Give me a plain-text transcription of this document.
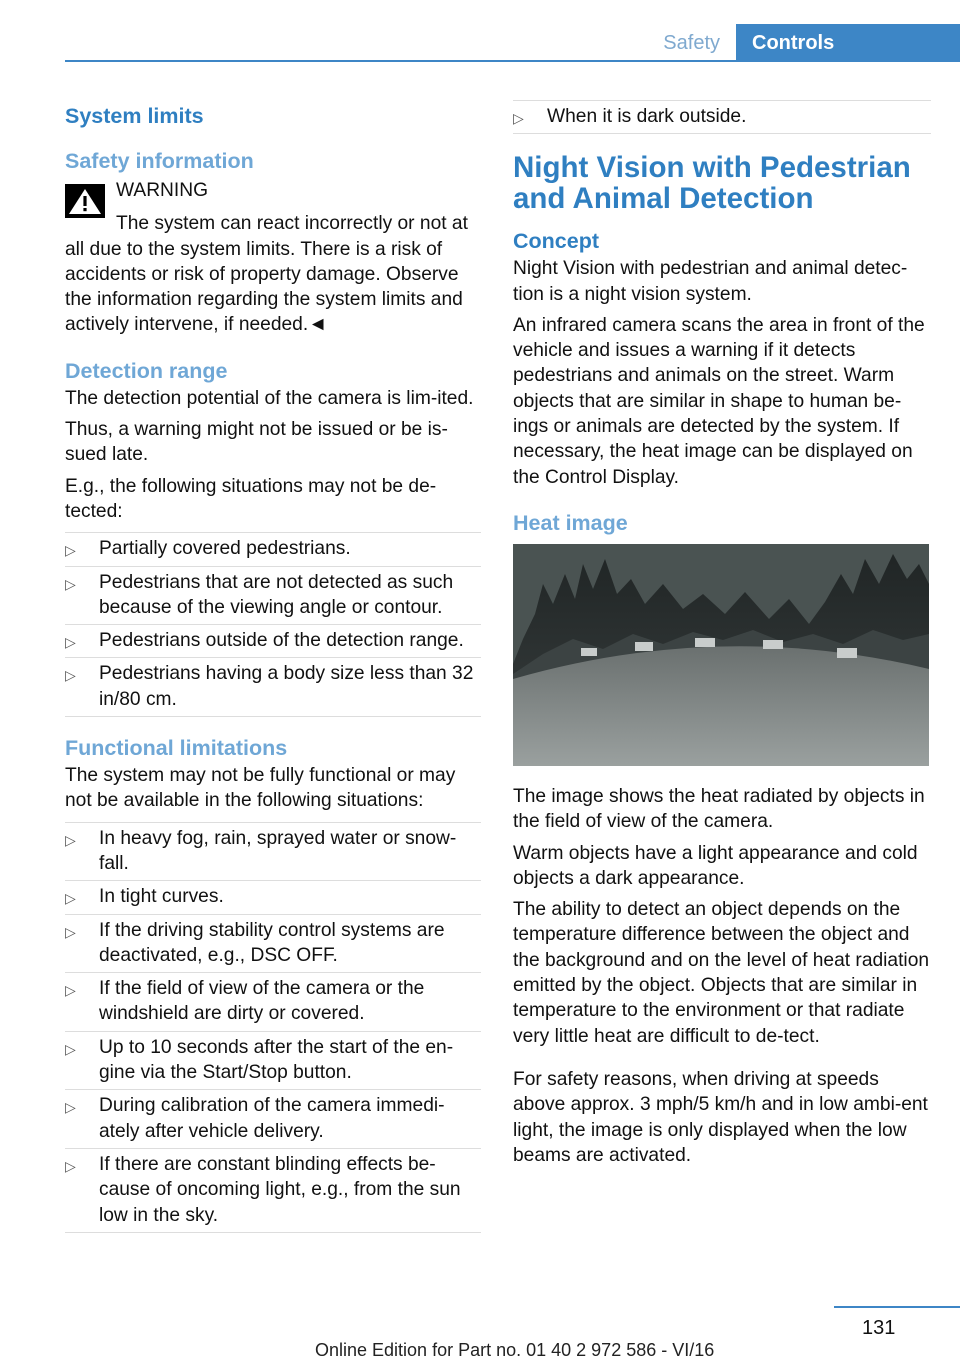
Safety	Controls
System limits
Safety information
WARNING
The system can react incorrectly or not at all due to the system limits. There is a risk of accidents or risk of property damage. Observe the information regarding the system limits and actively intervene, if needed.◄
Detection range

The detection potential of the camera is lim-ited.

Thus, a warning might not be issued or be is-sued late.

E.g., the following situations may not be de-tected:

▷ Partially covered pedestrians.
▷ Pedestrians that are not detected as such because of the viewing angle or contour.
▷ Pedestrians outside of the detection range.
▷ Pedestrians having a body size less than 32 in/80 cm.
Functional limitations

The system may not be fully functional or may not be available in the following situations:

▷ In heavy fog, rain, sprayed water or snow-fall.
▷ In tight curves.
▷ If the driving stability control systems are deactivated, e.g., DSC OFF.
▷ If the field of view of the camera or the windshield are dirty or covered.
▷ Up to 10 seconds after the start of the en-gine via the Start/Stop button.
▷ During calibration of the camera immedi-ately after vehicle delivery.
▷ If there are constant blinding effects be-cause of oncoming light, e.g., from the sun low in the sky.
▷ When it is dark outside.
Night Vision with Pedestrian and Animal Detection
Concept

Night Vision with pedestrian and animal detec-tion is a night vision system.

An infrared camera scans the area in front of the vehicle and issues a warning if it detects pedestrians and animals on the street. Warm objects that are similar in shape to human be-ings or animals are detected by the system. If necessary, the heat image can be displayed on the Control Display.

Heat image

The image shows the heat radiated by objects in the field of view of the camera.

Warm objects have a light appearance and cold objects a dark appearance.

The ability to detect an object depends on the temperature difference between the object and the background and on the level of heat radiation emitted by the object. Objects that are similar in temperature to the environment or that radiate very little heat are difficult to de-tect.

For safety reasons, when driving at speeds above approx. 3 mph/5 km/h and in low ambi-ent light, the image is only displayed when the low beams are activated.

131
Online Edition for Part no. 01 40 2 972 586 - VI/16
